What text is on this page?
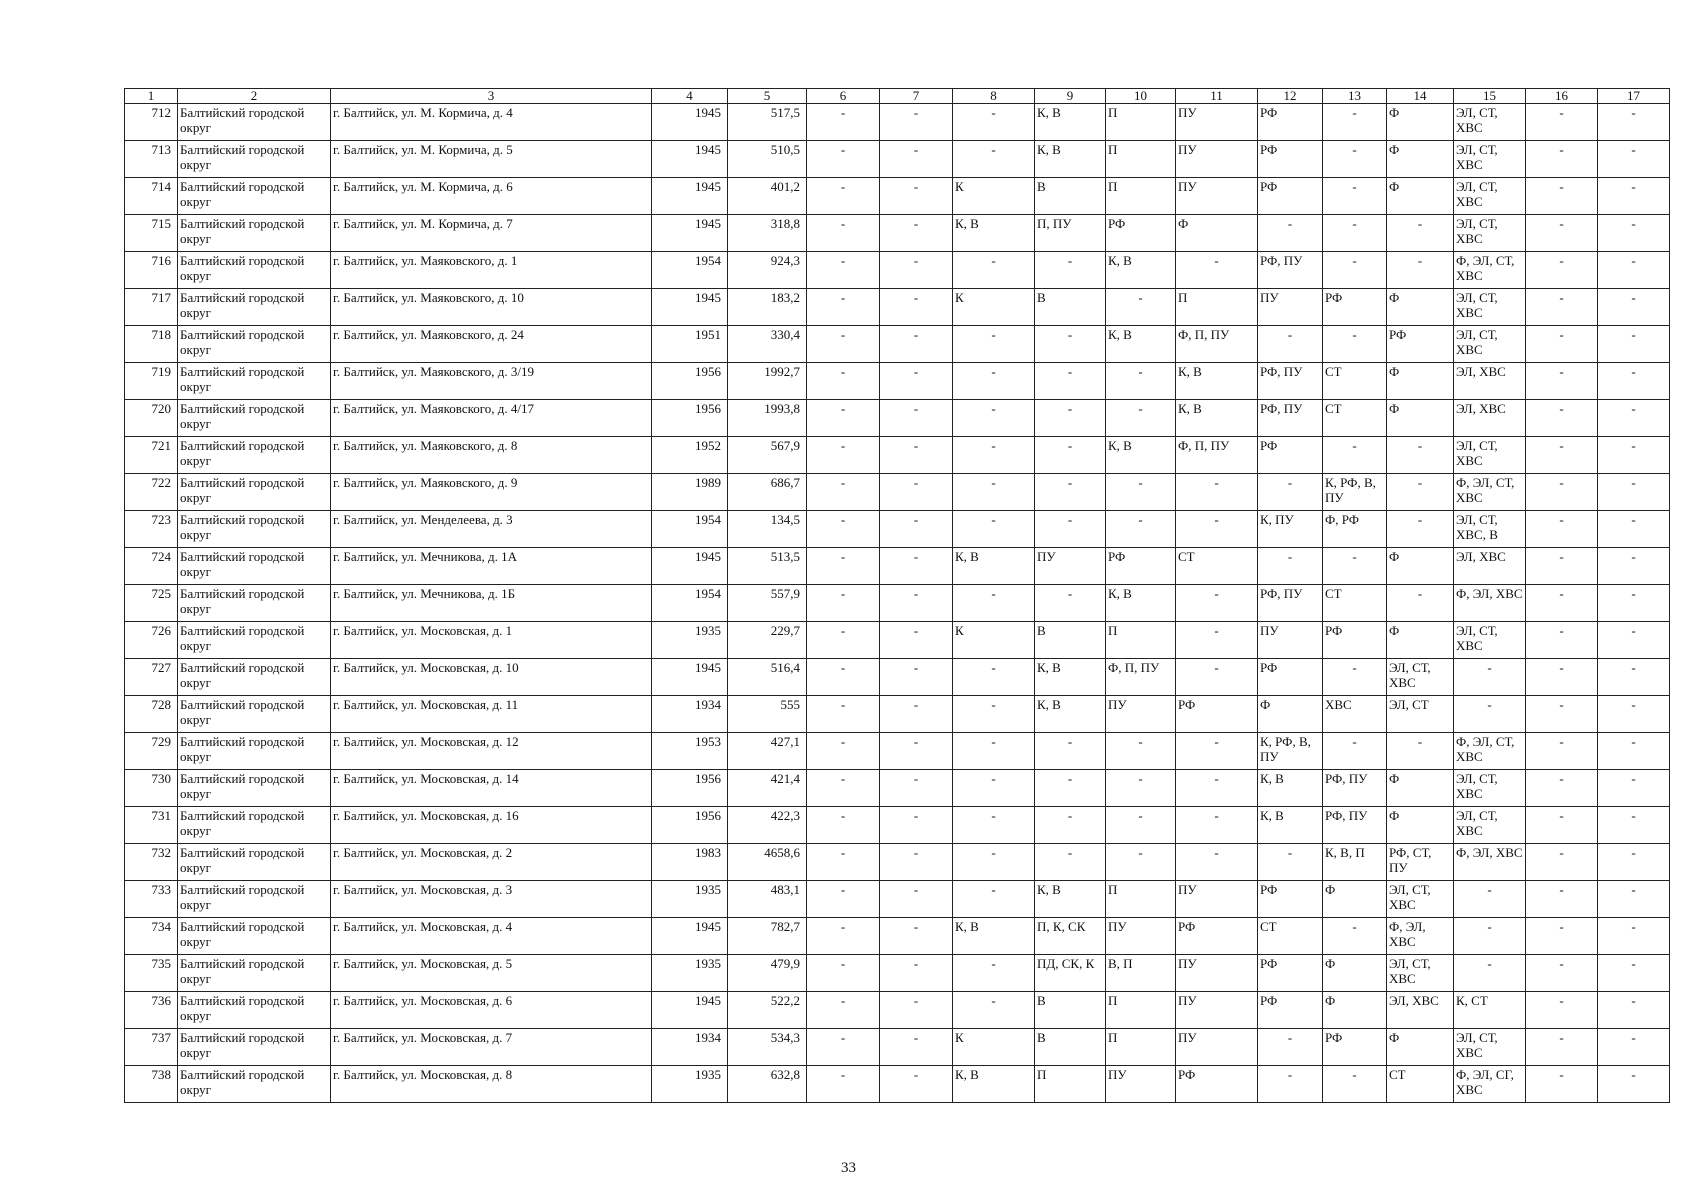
1	2	3	4	5	6	7	8	9	10	11	12	13	14	15	16	17
712	Балтийский городской округ	г. Балтийск, ул. М. Кормича, д. 4	1945	517,5	-	-	-	К, В	П	ПУ	РФ	-	Ф	ЭЛ, СТ, ХВС	-	-
713	Балтийский городской округ	г. Балтийск, ул. М. Кормича, д. 5	1945	510,5	-	-	-	К, В	П	ПУ	РФ	-	Ф	ЭЛ, СТ, ХВС	-	-
714	Балтийский городской округ	г. Балтийск, ул. М. Кормича, д. 6	1945	401,2	-	-	К	В	П	ПУ	РФ	-	Ф	ЭЛ, СТ, ХВС	-	-
715	Балтийский городской округ	г. Балтийск, ул. М. Кормича, д. 7	1945	318,8	-	-	К, В	П, ПУ	РФ	Ф	-	-	-	ЭЛ, СТ, ХВС	-	-
716	Балтийский городской округ	г. Балтийск, ул. Маяковского, д. 1	1954	924,3	-	-	-	-	К, В	-	РФ, ПУ	-	-	Ф, ЭЛ, СТ, ХВС	-	-
717	Балтийский городской округ	г. Балтийск, ул. Маяковского, д. 10	1945	183,2	-	-	К	В	-	П	ПУ	РФ	Ф	ЭЛ, СТ, ХВС	-	-
718	Балтийский городской округ	г. Балтийск, ул. Маяковского, д. 24	1951	330,4	-	-	-	-	К, В	Ф, П, ПУ	-	-	РФ	ЭЛ, СТ, ХВС	-	-
719	Балтийский городской округ	г. Балтийск, ул. Маяковского, д. 3/19	1956	1992,7	-	-	-	-	-	К, В	РФ, ПУ	СТ	Ф	ЭЛ, ХВС	-	-
720	Балтийский городской округ	г. Балтийск, ул. Маяковского, д. 4/17	1956	1993,8	-	-	-	-	-	К, В	РФ, ПУ	СТ	Ф	ЭЛ, ХВС	-	-
721	Балтийский городской округ	г. Балтийск, ул. Маяковского, д. 8	1952	567,9	-	-	-	-	К, В	Ф, П, ПУ	РФ	-	-	ЭЛ, СТ, ХВС	-	-
722	Балтийский городской округ	г. Балтийск, ул. Маяковского, д. 9	1989	686,7	-	-	-	-	-	-	-	К, РФ, В, ПУ	-	Ф, ЭЛ, СТ, ХВС	-	-
723	Балтийский городской округ	г. Балтийск, ул. Менделеева, д. 3	1954	134,5	-	-	-	-	-	-	К, ПУ	Ф, РФ	-	ЭЛ, СТ, ХВС, В	-	-
724	Балтийский городской округ	г. Балтийск, ул. Мечникова, д. 1А	1945	513,5	-	-	К, В	ПУ	РФ	СТ	-	-	Ф	ЭЛ, ХВС	-	-
725	Балтийский городской округ	г. Балтийск, ул. Мечникова, д. 1Б	1954	557,9	-	-	-	-	К, В	-	РФ, ПУ	СТ	-	Ф, ЭЛ, ХВС	-	-
726	Балтийский городской округ	г. Балтийск, ул. Московская, д. 1	1935	229,7	-	-	К	В	П	-	ПУ	РФ	Ф	ЭЛ, СТ, ХВС	-	-
727	Балтийский городской округ	г. Балтийск, ул. Московская, д. 10	1945	516,4	-	-	-	К, В	Ф, П, ПУ	-	РФ	-	ЭЛ, СТ, ХВС	-	-	-
728	Балтийский городской округ	г. Балтийск, ул. Московская, д. 11	1934	555	-	-	-	К, В	ПУ	РФ	Ф	ХВС	ЭЛ, СТ	-	-	-
729	Балтийский городской округ	г. Балтийск, ул. Московская, д. 12	1953	427,1	-	-	-	-	-	-	К, РФ, В, ПУ	-	-	Ф, ЭЛ, СТ, ХВС	-	-
730	Балтийский городской округ	г. Балтийск, ул. Московская, д. 14	1956	421,4	-	-	-	-	-	-	К, В	РФ, ПУ	Ф	ЭЛ, СТ, ХВС	-	-
731	Балтийский городской округ	г. Балтийск, ул. Московская, д. 16	1956	422,3	-	-	-	-	-	-	К, В	РФ, ПУ	Ф	ЭЛ, СТ, ХВС	-	-
732	Балтийский городской округ	г. Балтийск, ул. Московская, д. 2	1983	4658,6	-	-	-	-	-	-	-	К, В, П	РФ, СТ, ПУ	Ф, ЭЛ, ХВС	-	-
733	Балтийский городской округ	г. Балтийск, ул. Московская, д. 3	1935	483,1	-	-	-	К, В	П	ПУ	РФ	Ф	ЭЛ, СТ, ХВС	-	-	-
734	Балтийский городской округ	г. Балтийск, ул. Московская, д. 4	1945	782,7	-	-	К, В	П, К, СК	ПУ	РФ	СТ	-	Ф, ЭЛ, ХВС	-	-	-
735	Балтийский городской округ	г. Балтийск, ул. Московская, д. 5	1935	479,9	-	-	-	ПД, СК, К	В, П	ПУ	РФ	Ф	ЭЛ, СТ, ХВС	-	-	-
736	Балтийский городской округ	г. Балтийск, ул. Московская, д. 6	1945	522,2	-	-	-	В	П	ПУ	РФ	Ф	ЭЛ, ХВС	К, СТ	-	-
737	Балтийский городской округ	г. Балтийск, ул. Московская, д. 7	1934	534,3	-	-	К	В	П	ПУ	-	РФ	Ф	ЭЛ, СТ, ХВС	-	-
738	Балтийский городской округ	г. Балтийск, ул. Московская, д. 8	1935	632,8	-	-	К, В	П	ПУ	РФ	-	-	СТ	Ф, ЭЛ, СГ, ХВС	-	-
33
